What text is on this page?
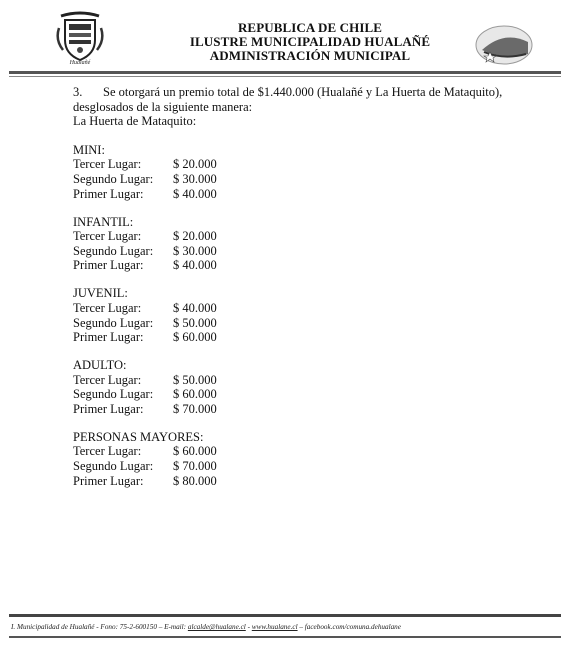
Hualañé
REPUBLICA DE CHILE
ILUSTRE MUNICIPALIDAD HUALAÑÉ
ADMINISTRACIÓN MUNICIPAL

3. Se otorgará un premio total de $1.440.000 (Hualañé y La Huerta de Mataquito), desglosados de la siguiente manera:

La Huerta de Mataquito:

MINI:
Tercer Lugar:	$ 20.000
Segundo Lugar:	$ 30.000
Primer Lugar:	$ 40.000
INFANTIL:
Tercer Lugar:	$ 20.000
Segundo Lugar:	$ 30.000
Primer Lugar:	$ 40.000
JUVENIL:
Tercer Lugar:	$ 40.000
Segundo Lugar:	$ 50.000
Primer Lugar:	$ 60.000
ADULTO:
Tercer Lugar:	$ 50.000
Segundo Lugar:	$ 60.000
Primer Lugar:	$ 70.000
PERSONAS MAYORES:
Tercer Lugar:	$ 60.000
Segundo Lugar:	$ 70.000
Primer Lugar:	$ 80.000
I. Municipalidad de Hualañé - Fono: 75-2-600150 – E-mail: alcalde@hualane.cl - www.hualane.cl – facebook.com/comuna.dehualane
